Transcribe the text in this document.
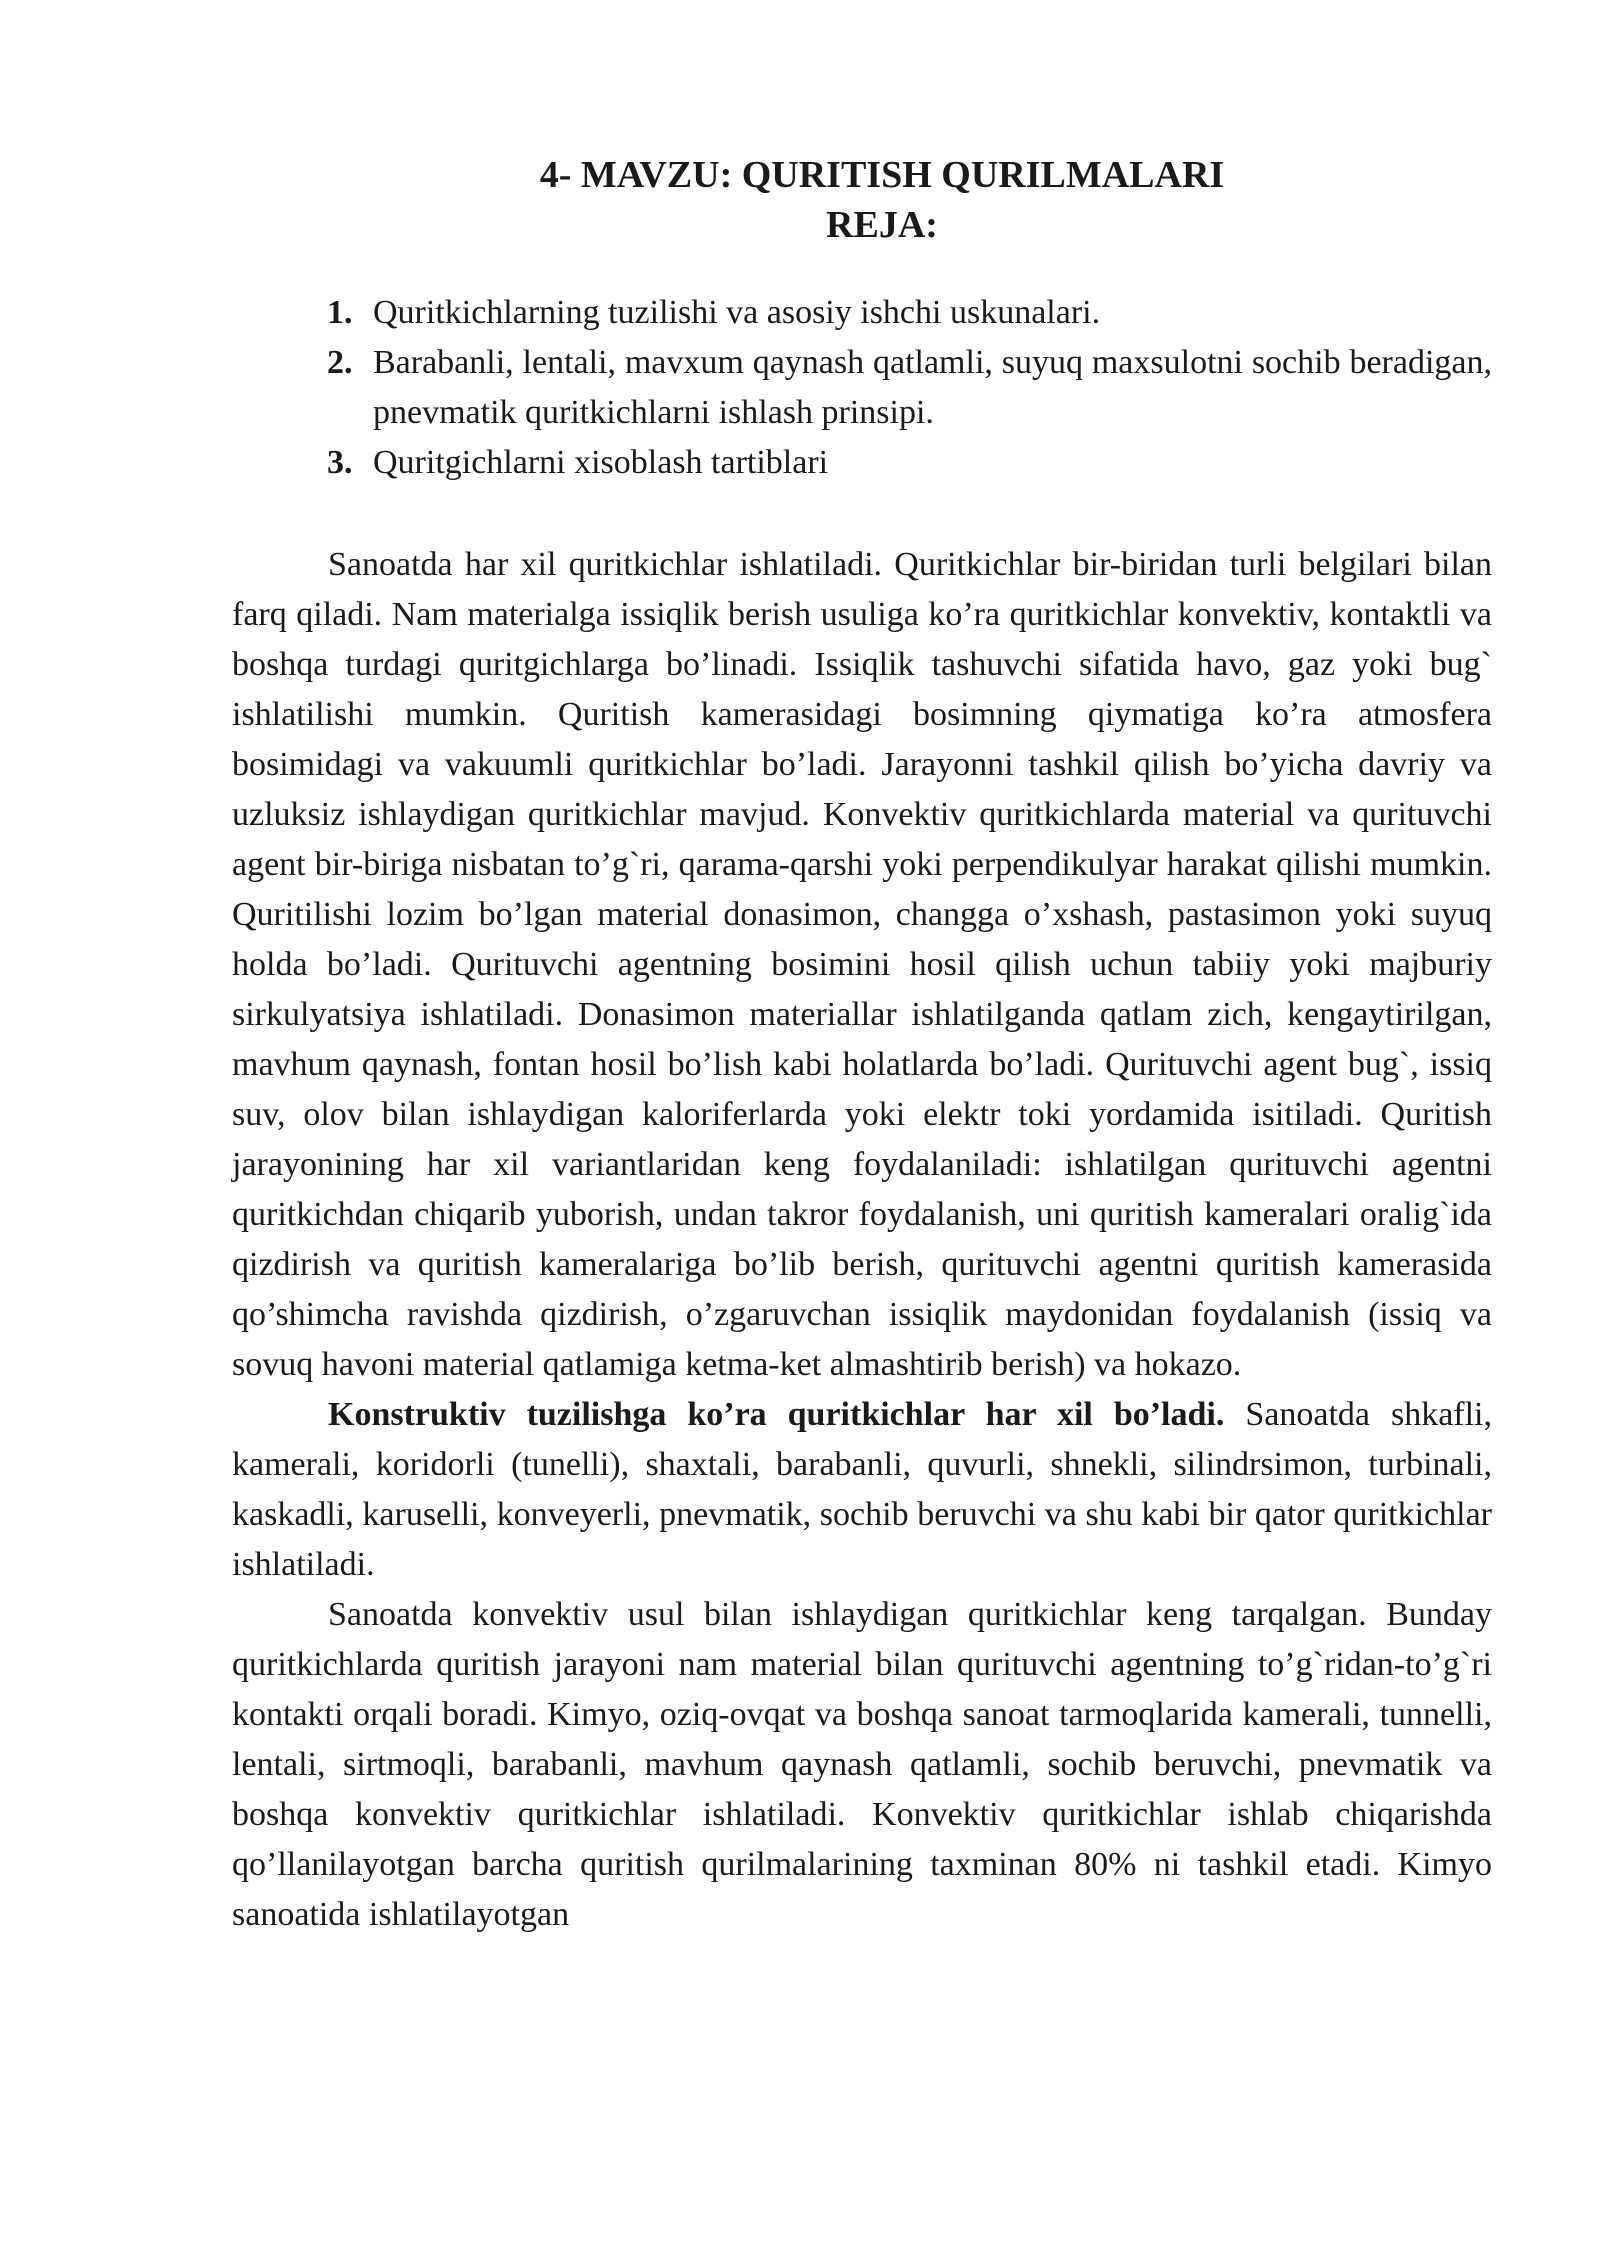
4- MAVZU: QURITISH QURILMALARI
REJA:
1. Quritkichlarning tuzilishi va asosiy ishchi uskunalari.
2. Barabanli, lentali, mavxum qaynash qatlamli, suyuq maxsulotni sochib beradigan, pnevmatik quritkichlarni ishlash prinsipi.
3. Quritgichlarni xisoblash tartiblari

Sanoatda har xil quritkichlar ishlatiladi. Quritkichlar bir-biridan turli belgilari bilan farq qiladi. Nam materialga issiqlik berish usuliga ko’ra quritkichlar konvektiv, kontaktli va boshqa turdagi quritgichlarga bo’linadi. Issiqlik tashuvchi sifatida havo, gaz yoki bug` ishlatilishi mumkin. Quritish kamerasidagi bosimning qiymatiga ko’ra atmosfera bosimidagi va vakuumli quritkichlar bo’ladi. Jarayonni tashkil qilish bo’yicha davriy va uzluksiz ishlaydigan quritkichlar mavjud. Konvektiv quritkichlarda material va qurituvchi agent bir-biriga nisbatan to’g`ri, qarama-qarshi yoki perpendikulyar harakat qilishi mumkin. Quritilishi lozim bo’lgan material donasimon, changga o’xshash, pastasimon yoki suyuq holda bo’ladi. Qurituvchi agentning bosimini hosil qilish uchun tabiiy yoki majburiy sirkulyatsiya ishlatiladi. Donasimon materiallar ishlatilganda qatlam zich, kengaytirilgan, mavhum qaynash, fontan hosil bo’lish kabi holatlarda bo’ladi. Qurituvchi agent bug`, issiq suv, olov bilan ishlaydigan kaloriferlarda yoki elektr toki yordamida isitiladi. Quritish jarayonining har xil variantlaridan keng foydalaniladi: ishlatilgan qurituvchi agentni quritkichdan chiqarib yuborish, undan takror foydalanish, uni quritish kameralari oralig`ida qizdirish va quritish kameralariga bo’lib berish, qurituvchi agentni quritish kamerasida qo’shimcha ravishda qizdirish, o’zgaruvchan issiqlik maydonidan foydalanish (issiq va sovuq havoni material qatlamiga ketma-ket almashtirib berish) va hokazo.

Konstruktiv tuzilishga ko’ra quritkichlar har xil bo’ladi. Sanoatda shkafli, kamerali, koridorli (tunelli), shaxtali, barabanli, quvurli, shnekli, silindrsimon, turbinali, kaskadli, karuselli, konveyerli, pnevmatik, sochib beruvchi va shu kabi bir qator quritkichlar ishlatiladi.

Sanoatda konvektiv usul bilan ishlaydigan quritkichlar keng tarqalgan. Bunday quritkichlarda quritish jarayoni nam material bilan qurituvchi agentning to’g`ridan-to’g`ri kontakti orqali boradi. Kimyo, oziq-ovqat va boshqa sanoat tarmoqlarida kamerali, tunnelli, lentali, sirtmoqli, barabanli, mavhum qaynash qatlamli, sochib beruvchi, pnevmatik va boshqa konvektiv quritkichlar ishlatiladi. Konvektiv quritkichlar ishlab chiqarishda qo’llanilayotgan barcha quritish qurilmalarining taxminan 80% ni tashkil etadi. Kimyo sanoatida ishlatilayotgan
